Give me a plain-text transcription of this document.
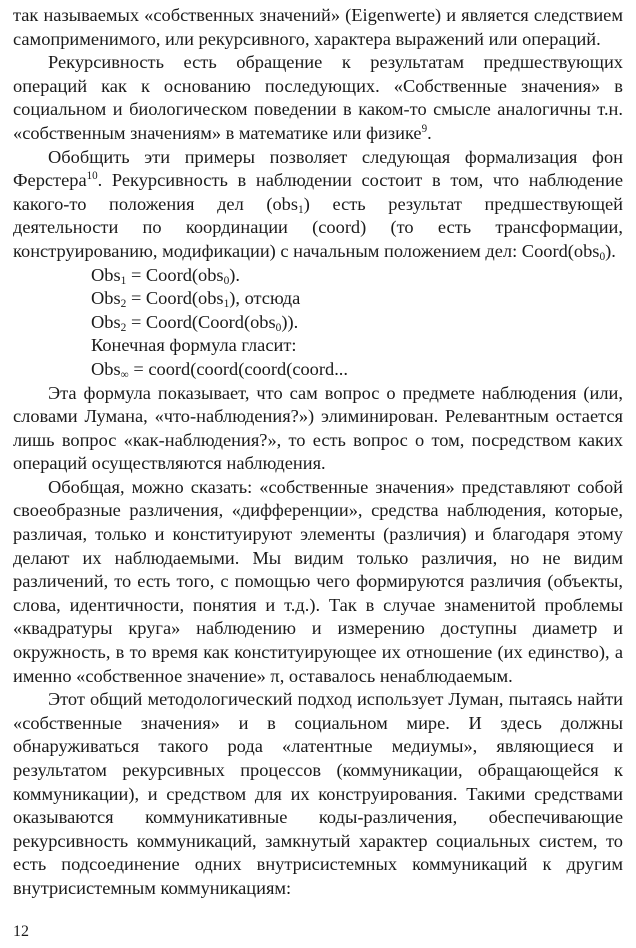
так называемых «собственных значений» (Eigenwerte) и является следствием самоприменимого, или рекурсивного, характера выражений или операций.

Рекурсивность есть обращение к результатам предшествующих операций как к основанию последующих. «Собственные значения» в социальном и биологическом поведении в каком-то смысле аналогичны т.н. «собственным значениям» в математике или физике$^9$.

Обобщить эти примеры позволяет следующая формализация фон Ферстера$^{10}$. Рекурсивность в наблюдении состоит в том, что наблюдение какого-то положения дел (obs$_1$) есть результат предшествующей деятельности по координации (coord) (то есть трансформации, конструированию, модификации) с начальным положением дел: Coord(obs$_0$).

Obs$_1$ = Coord(obs$_0$).

Obs$_2$ = Coord(obs$_1$), отсюда

Obs$_2$ = Coord(Coord(obs$_0$)).

Конечная формула гласит:

Obs$_\infty$ = coord(coord(coord(coord...

Эта формула показывает, что сам вопрос о предмете наблюдения (или, словами Лумана, «что-наблюдения?») элиминирован. Релевантным остается лишь вопрос «как-наблюдения?», то есть вопрос о том, посредством каких операций осуществляются наблюдения.

Обобщая, можно сказать: «собственные значения» представляют собой своеобразные различения, «дифференции», средства наблюдения, которые, различая, только и конституируют элементы (различия) и благодаря этому делают их наблюдаемыми. Мы видим только различия, но не видим различений, то есть того, с помощью чего формируются различия (объекты, слова, идентичности, понятия и т.д.). Так в случае знаменитой проблемы «квадратуры круга» наблюдению и измерению доступны диаметр и окружность, в то время как конституирующее их отношение (их единство), а именно «собственное значение» π, оставалось ненаблюдаемым.

Этот общий методологический подход использует Луман, пытаясь найти «собственные значения» и в социальном мире. И здесь должны обнаруживаться такого рода «латентные медиумы», являющиеся и результатом рекурсивных процессов (коммуникации, обращающейся к коммуникации), и средством для их конструирования. Такими средствами оказываются коммуникативные коды-различения, обеспечивающие рекурсивность коммуникаций, замкнутый характер социальных систем, то есть подсоединение одних внутрисистемных коммуникаций к другим внутрисистемным коммуникациям:

12
